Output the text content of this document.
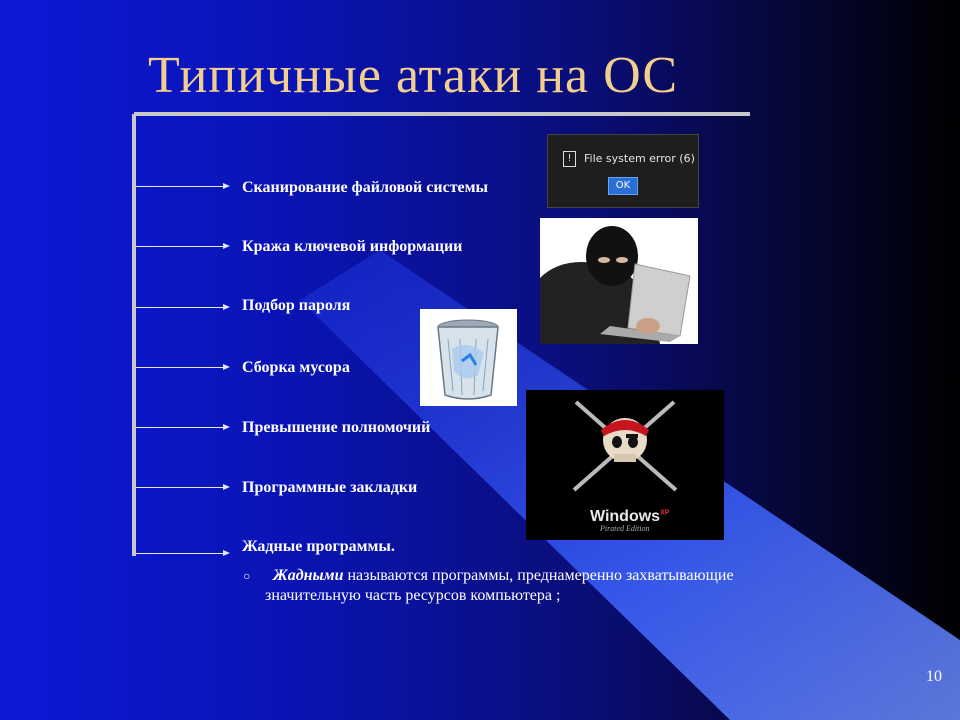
Типичные атаки на ОС
Сканирование файловой системы
Кража ключевой информации
Подбор пароля
Сборка мусора
Превышение полномочий
Программные закладки
Жадные программы.
○ Жадными называются программы, преднамеренно захватывающие
значительную часть ресурсов компьютера ;
10
!	File system error (6)
OK
Windows$^{XP}$
Pirated Edition
